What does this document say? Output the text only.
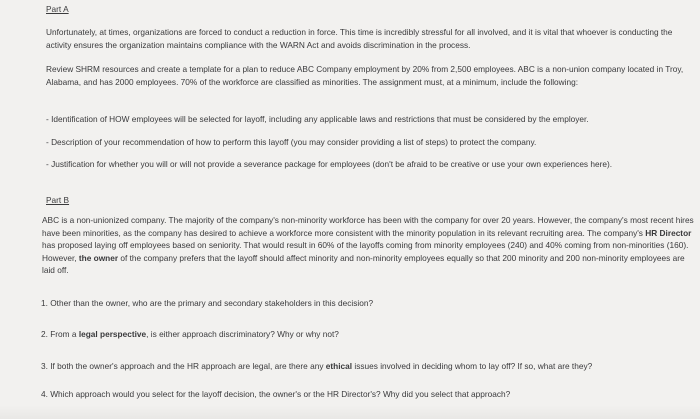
Part A

Unfortunately, at times, organizations are forced to conduct a reduction in force. This time is incredibly stressful for all involved, and it is vital that whoever is conducting the activity ensures the organization maintains compliance with the WARN Act and avoids discrimination in the process.

Review SHRM resources and create a template for a plan to reduce ABC Company employment by 20% from 2,500 employees. ABC is a non-union company located in Troy, Alabama, and has 2000 employees. 70% of the workforce are classified as minorities. The assignment must, at a minimum, include the following:

- Identification of HOW employees will be selected for layoff, including any applicable laws and restrictions that must be considered by the employer.

- Description of your recommendation of how to perform this layoff (you may consider providing a list of steps) to protect the company.

- Justification for whether you will or will not provide a severance package for employees (don't be afraid to be creative or use your own experiences here).

Part B

ABC is a non-unionized company. The majority of the company's non-minority workforce has been with the company for over 20 years. However, the company's most recent hires have been minorities, as the company has desired to achieve a workforce more consistent with the minority population in its relevant recruiting area. The company's HR Director has proposed laying off employees based on seniority. That would result in 60% of the layoffs coming from minority employees (240) and 40% coming from non-minorities (160). However, the owner of the company prefers that the layoff should affect minority and non-minority employees equally so that 200 minority and 200 non-minority employees are laid off.

1. Other than the owner, who are the primary and secondary stakeholders in this decision?

2. From a legal perspective, is either approach discriminatory? Why or why not?

3. If both the owner's approach and the HR approach are legal, are there any ethical issues involved in deciding whom to lay off? If so, what are they?

4. Which approach would you select for the layoff decision, the owner's or the HR Director's? Why did you select that approach?
